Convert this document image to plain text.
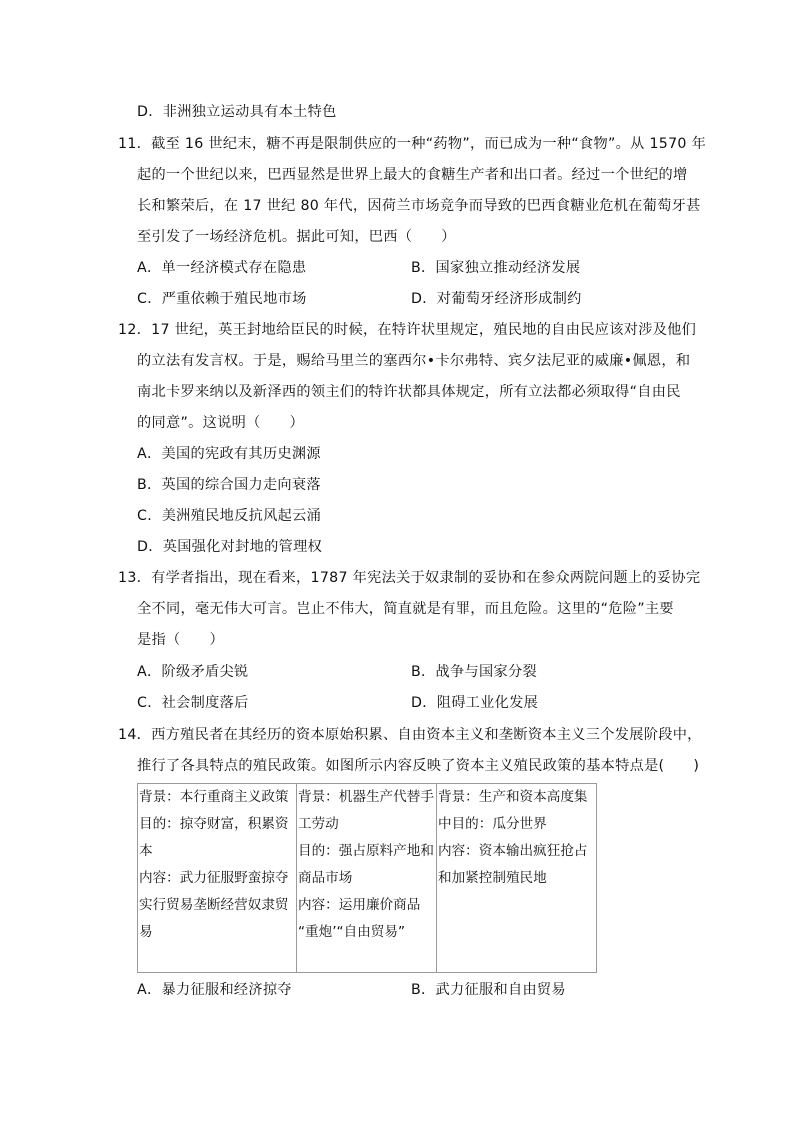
D．非洲独立运动具有本土特色
11．截至 16 世纪末，糖不再是限制供应的一种“药物”，而已成为一种“食物”。从 1570 年
起的一个世纪以来，巴西显然是世界上最大的食糖生产者和出口者。经过一个世纪的增
长和繁荣后，在 17 世纪 80 年代，因荷兰市场竞争而导致的巴西食糖业危机在葡萄牙甚
至引发了一场经济危机。据此可知，巴西（　　）
A．单一经济模式存在隐患	B．国家独立推动经济发展
C．严重依赖于殖民地市场	D．对葡萄牙经济形成制约
12．17 世纪，英王封地给臣民的时候，在特许状里规定，殖民地的自由民应该对涉及他们
的立法有发言权。于是，赐给马里兰的塞西尔•卡尔弗特、宾夕法尼亚的威廉•佩恩，和
南北卡罗来纳以及新泽西的领主们的特许状都具体规定，所有立法都必须取得“自由民
的同意”。这说明（　　）
A．美国的宪政有其历史渊源
B．英国的综合国力走向衰落
C．美洲殖民地反抗风起云涌
D．英国强化对封地的管理权
13．有学者指出，现在看来，1787 年宪法关于奴隶制的妥协和在参众两院问题上的妥协完
全不同，毫无伟大可言。岂止不伟大，简直就是有罪，而且危险。这里的“危险”主要
是指（　　）
A．阶级矛盾尖锐	B．战争与国家分裂
C．社会制度落后	D．阻碍工业化发展
14．西方殖民者在其经历的资本原始积累、自由资本主义和垄断资本主义三个发展阶段中，
推行了各具特点的殖民政策。如图所示内容反映了资本主义殖民政策的基本特点是(　　)
背景：本行重商主义政策
目的：掠夺财富，积累资
本
内容：武力征服野蛮掠夺
实行贸易垄断经营奴隶贸
易

背景：机器生产代替手
工劳动
目的：强占原料产地和
商品市场
内容：运用廉价商品
“重炮’“自由贸易”

背景：生产和资本高度集
中目的：瓜分世界
内容：资本输出疯狂抢占
和加紧控制殖民地
A．暴力征服和经济掠夺	B．武力征服和自由贸易
